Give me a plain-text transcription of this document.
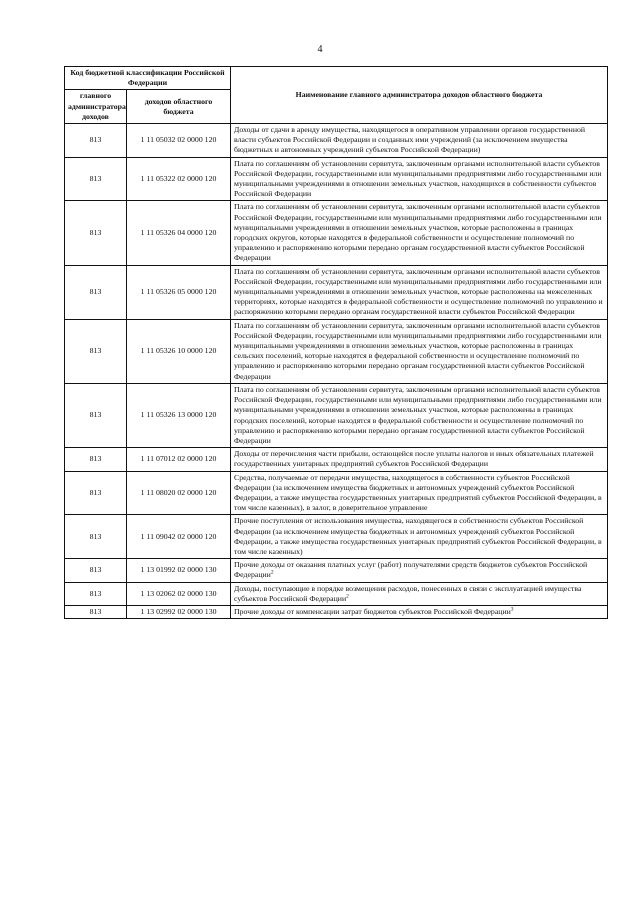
4
Код бюджетной классификации Российской Федерации		Наименование главного администратора доходов областного бюджета
главного администратора доходов	доходов областного бюджета	
813	1 11 05032 02 0000 120	Доходы от сдачи в аренду имущества, находящегося в оперативном управлении органов государственной власти субъектов Российской Федерации и созданных ими учреждений (за исключением имущества бюджетных и автономных учреждений субъектов Российской Федерации)
813	1 11 05322 02 0000 120	Плата по соглашениям об установлении сервитута, заключенным органами исполнительной власти субъектов Российской Федерации, государственными или муниципальными предприятиями либо государственными или муниципальными учреждениями в отношении земельных участков, находящихся в собственности субъектов Российской Федерации
813	1 11 05326 04 0000 120	Плата по соглашениям об установлении сервитута, заключенным органами исполнительной власти субъектов Российской Федерации, государственными или муниципальными предприятиями либо государственными или муниципальными учреждениями в отношении земельных участков, которые расположены в границах городских округов, которые находятся в федеральной собственности и осуществление полномочий по управлению и распоряжению которыми передано органам государственной власти субъектов Российской Федерации
813	1 11 05326 05 0000 120	Плата по соглашениям об установлении сервитута, заключенным органами исполнительной власти субъектов Российской Федерации, государственными или муниципальными предприятиями либо государственными или муниципальными учреждениями в отношении земельных участков, которые расположены на межселенных территориях, которые находятся в федеральной собственности и осуществление полномочий по управлению и распоряжению которыми передано органам государственной власти субъектов Российской Федерации
813	1 11 05326 10 0000 120	Плата по соглашениям об установлении сервитута, заключенным органами исполнительной власти субъектов Российской Федерации, государственными или муниципальными предприятиями либо государственными или муниципальными учреждениями в отношении земельных участков, которые расположены в границах сельских поселений, которые находятся в федеральной собственности и осуществление полномочий по управлению и распоряжению которыми передано органам государственной власти субъектов Российской Федерации
813	1 11 05326 13 0000 120	Плата по соглашениям об установлении сервитута, заключенным органами исполнительной власти субъектов Российской Федерации, государственными или муниципальными предприятиями либо государственными или муниципальными учреждениями в отношении земельных участков, которые расположены в границах городских поселений, которые находятся в федеральной собственности и осуществление полномочий по управлению и распоряжению которыми передано органам государственной власти субъектов Российской Федерации
813	1 11 07012 02 0000 120	Доходы от перечисления части прибыли, остающейся после уплаты налогов и иных обязательных платежей государственных унитарных предприятий субъектов Российской Федерации
813	1 11 08020 02 0000 120	Средства, получаемые от передачи имущества, находящегося в собственности субъектов Российской Федерации (за исключением имущества бюджетных и автономных учреждений субъектов Российской Федерации, а также имущества государственных унитарных предприятий субъектов Российской Федерации, в том числе казенных), в залог, в доверительное управление
813	1 11 09042 02 0000 120	Прочие поступления от использования имущества, находящегося в собственности субъектов Российской Федерации (за исключением имущества бюджетных и автономных учреждений субъектов Российской Федерации, а также имущества государственных унитарных предприятий субъектов Российской Федерации, в том числе казенных)
813	1 13 01992 02 0000 130	Прочие доходы от оказания платных услуг (работ) получателями средств бюджетов субъектов Российской Федерации$^2$
813	1 13 02062 02 0000 130	Доходы, поступающие в порядке возмещения расходов, понесенных в связи с эксплуатацией имущества субъектов Российской Федерации$^2$
813	1 13 02992 02 0000 130	Прочие доходы от компенсации затрат бюджетов субъектов Российской Федерации$^3$
